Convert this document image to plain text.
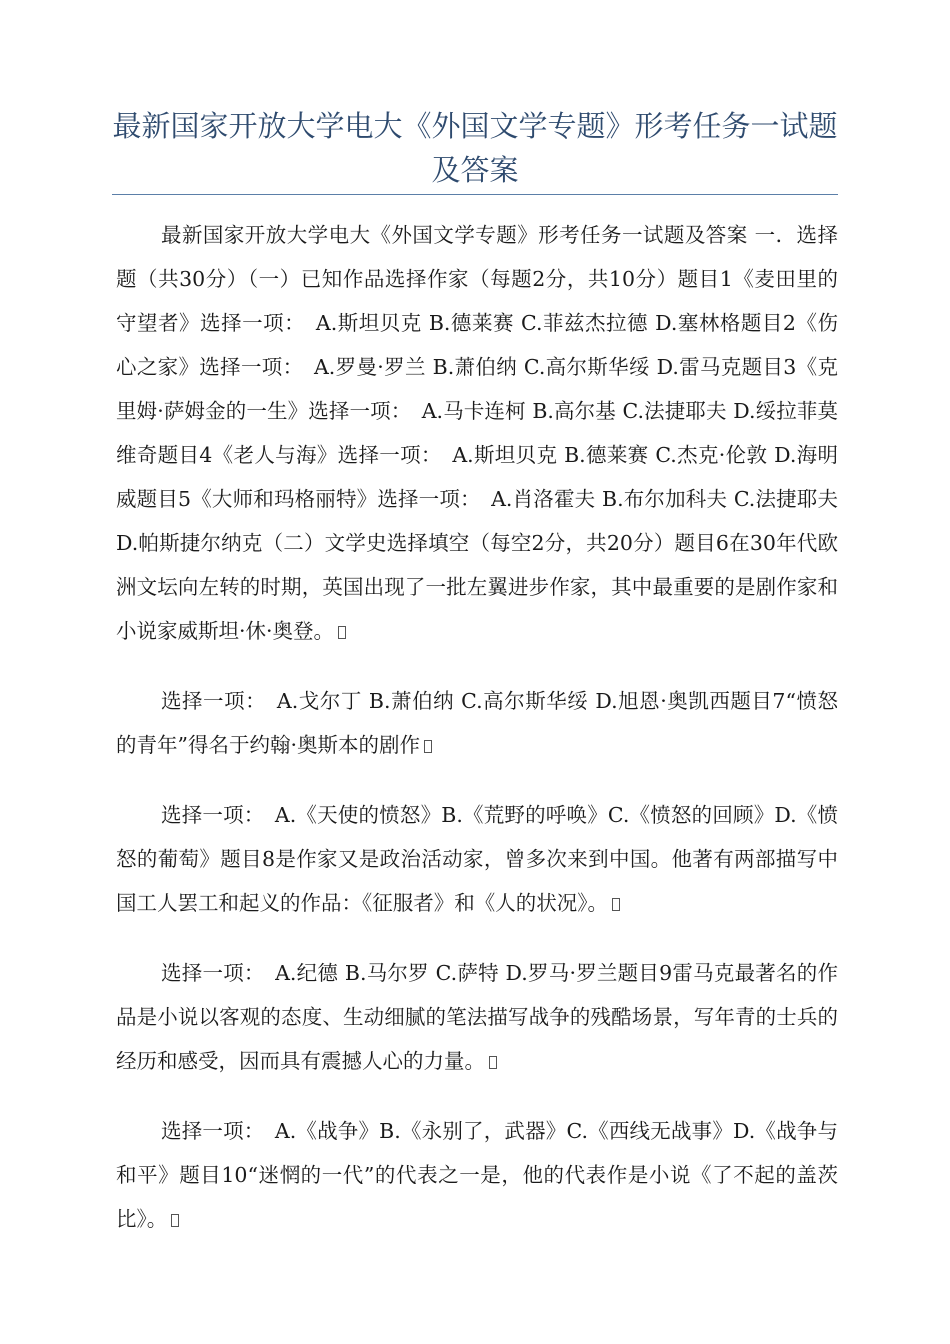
最新国家开放大学电大《外国文学专题》形考任务一试题及答案

最新国家开放大学电大《外国文学专题》形考任务一试题及答案 一．选择题（共30分）（一）已知作品选择作家（每题2分，共10分）题目1《麦田里的守望者》选择一项：　A.斯坦贝克 B.德莱赛 C.菲兹杰拉德 D.塞林格题目2《伤心之家》选择一项：　A.罗曼·罗兰 B.萧伯纳 C.高尔斯华绥 D.雷马克题目3《克里姆·萨姆金的一生》选择一项：　A.马卡连柯 B.高尔基 C.法捷耶夫 D.绥拉菲莫维奇题目4《老人与海》选择一项：　A.斯坦贝克 B.德莱赛 C.杰克·伦敦 D.海明威题目5《大师和玛格丽特》选择一项：　A.肖洛霍夫 B.布尔加科夫 C.法捷耶夫 D.帕斯捷尔纳克（二）文学史选择填空（每空2分，共20分）题目6在30年代欧洲文坛向左转的时期，英国出现了一批左翼进步作家，其中最重要的是剧作家和小说家威斯坦·休·奥登。

选择一项：　A.戈尔丁 B.萧伯纳 C.高尔斯华绥 D.旭恩·奥凯西题目7“愤怒的青年”得名于约翰·奥斯本的剧作

选择一项：　A.《天使的愤怒》B.《荒野的呼唤》C.《愤怒的回顾》D.《愤怒的葡萄》题目8是作家又是政治活动家，曾多次来到中国。他著有两部描写中国工人罢工和起义的作品：《征服者》和《人的状况》。

选择一项：　A.纪德 B.马尔罗 C.萨特 D.罗马·罗兰题目9雷马克最著名的作品是小说以客观的态度、生动细腻的笔法描写战争的残酷场景，写年青的士兵的经历和感受，因而具有震撼人心的力量。

选择一项：　A.《战争》B.《永别了，武器》C.《西线无战事》D.《战争与和平》题目10“迷惘的一代”的代表之一是，他的代表作是小说《了不起的盖茨比》。
